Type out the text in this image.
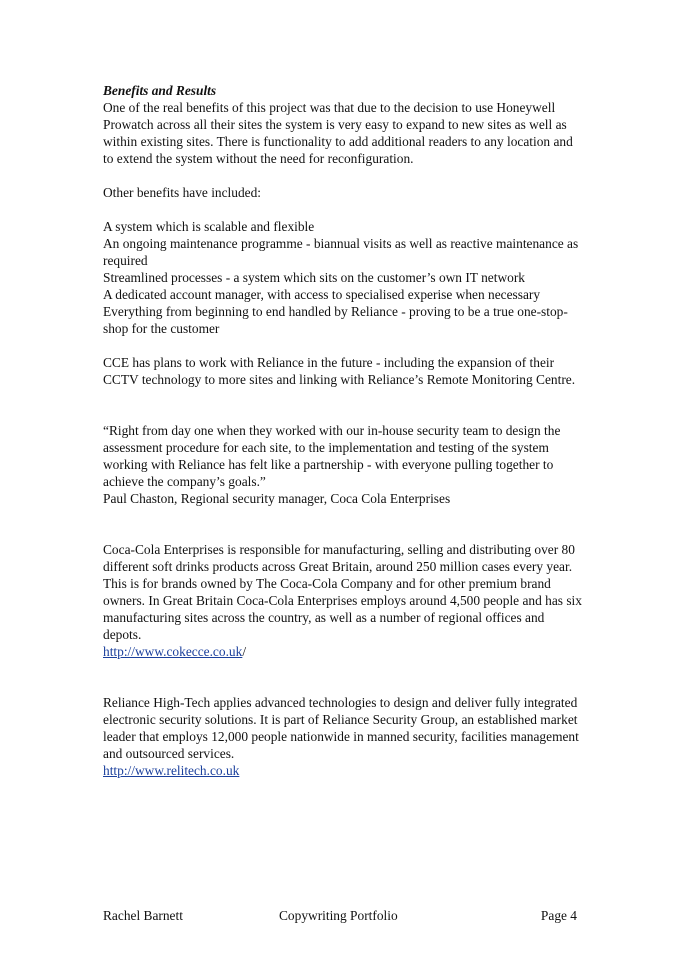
Benefits and Results

One of the real benefits of this project was that due to the decision to use Honeywell Prowatch across all their sites the system is very easy to expand to new sites as well as within existing sites. There is functionality to add additional readers to any location and to extend the system without the need for reconfiguration.

Other benefits have included:

A system which is scalable and flexible

An ongoing maintenance programme - biannual visits as well as reactive maintenance as required

Streamlined processes - a system which sits on the customer’s own IT network

A dedicated account manager, with access to specialised experise when necessary

Everything from beginning to end handled by Reliance - proving to be a true one-stop-shop for the customer

CCE has plans to work with Reliance in the future - including the expansion of their CCTV technology to more sites and linking with Reliance’s Remote Monitoring Centre.

“Right from day one when they worked with our in-house security team to design the assessment procedure for each site, to the implementation and testing of the system working with Reliance has felt like a partnership - with everyone pulling together to achieve the company’s goals.”

Paul Chaston, Regional security manager, Coca Cola Enterprises

Coca-Cola Enterprises is responsible for manufacturing, selling and distributing over 80 different soft drinks products across Great Britain, around 250 million cases every year. This is for brands owned by The Coca-Cola Company and for other premium brand owners. In Great Britain Coca-Cola Enterprises employs around 4,500 people and has six manufacturing sites across the country, as well as a number of regional offices and depots.

http://www.cokecce.co.uk/

Reliance High-Tech applies advanced technologies to design and deliver fully integrated electronic security solutions. It is part of Reliance Security Group, an established market leader that employs 12,000 people nationwide in manned security, facilities management and outsourced services.

http://www.relitech.co.uk

Rachel Barnett	Copywriting Portfolio	Page 4
